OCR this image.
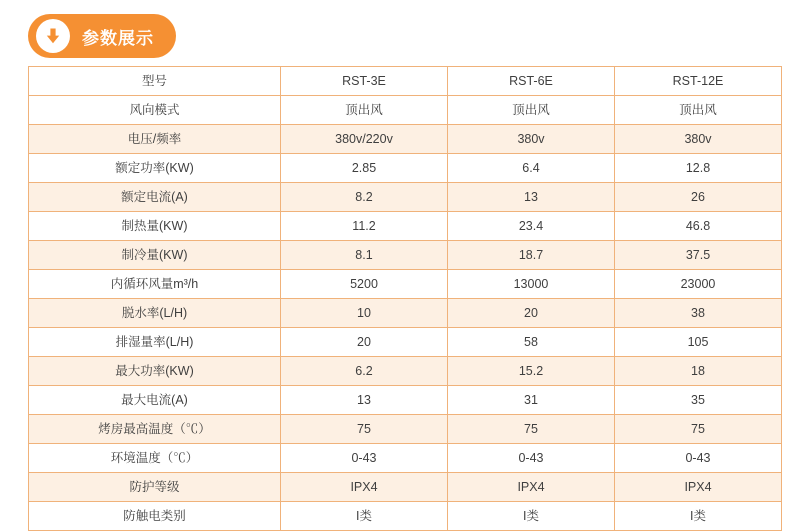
参数展示
型号	RST-3E	RST-6E	RST-12E
风向模式	顶出风	顶出风	顶出风
电压/频率	380v/220v	380v	380v
额定功率(KW)	2.85	6.4	12.8
额定电流(A)	8.2	13	26
制热量(KW)	11.2	23.4	46.8
制冷量(KW)	8.1	18.7	37.5
内循环风量m³/h	5200	13000	23000
脱水率(L/H)	10	20	38
排湿量率(L/H)	20	58	105
最大功率(KW)	6.2	15.2	18
最大电流(A)	13	31	35
烤房最高温度（℃）	75	75	75
环境温度（℃）	0-43	0-43	0-43
防护等级	IPX4	IPX4	IPX4
防触电类别	I类	I类	I类
